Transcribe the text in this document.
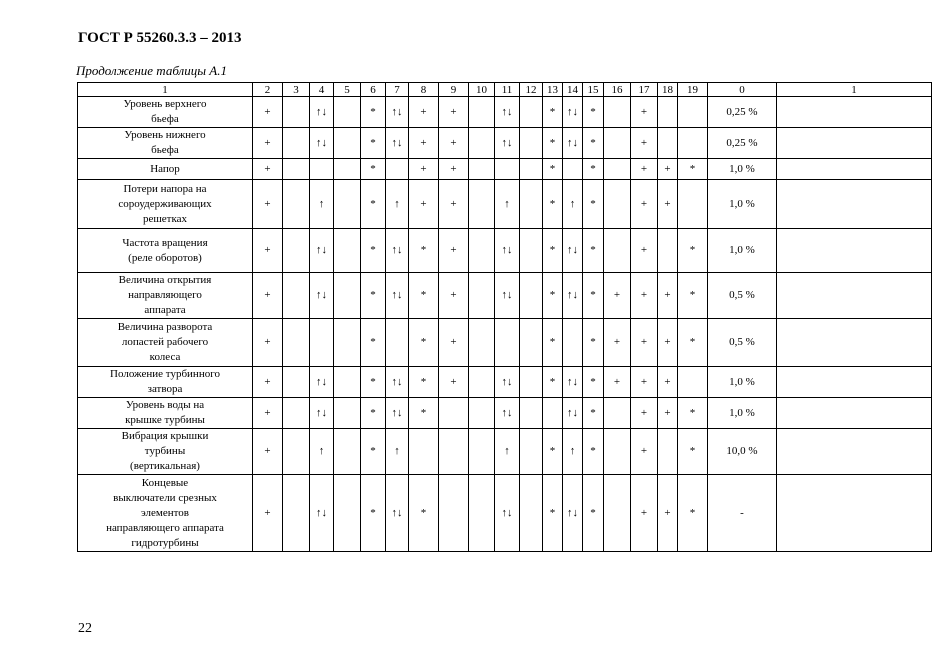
ГОСТ Р 55260.3.3 – 2013
Продолжение таблицы А.1
1	2	3	4	5	6	7	8	9	10	11	12	13	14	15	16	17	18	19	0	1
Уровень верхнего
бьефа	+		↑↓		*	↑↓	+	+		↑↓		*	↑↓	*		+			0,25 %	
Уровень нижнего
бьефа	+		↑↓		*	↑↓	+	+		↑↓		*	↑↓	*		+			0,25 %	
Напор	+				*		+	+				*		*		+	+	*	1,0 %	
Потери напора на
сороудерживающих
решетках	+		↑		*	↑	+	+		↑		*	↑	*		+	+		1,0 %	
Частота вращения
(реле оборотов)	+		↑↓		*	↑↓	*	+		↑↓		*	↑↓	*		+		*	1,0 %	
Величина открытия
направляющего
аппарата	+		↑↓		*	↑↓	*	+		↑↓		*	↑↓	*	+	+	+	*	0,5 %	
Величина разворота
лопастей рабочего
колеса	+				*		*	+				*		*	+	+	+	*	0,5 %	
Положение турбинного
затвора	+		↑↓		*	↑↓	*	+		↑↓		*	↑↓	*	+	+	+		1,0 %	
Уровень воды на
крышке турбины	+		↑↓		*	↑↓	*			↑↓			↑↓	*		+	+	*	1,0 %	
Вибрация крышки
турбины
(вертикальная)	+		↑		*	↑				↑		*	↑	*		+		*	10,0 %	
Концевые
выключатели срезных
элементов
направляющего аппарата
гидротурбины	+		↑↓		*	↑↓	*			↑↓		*	↑↓	*		+	+	*	-	
22
